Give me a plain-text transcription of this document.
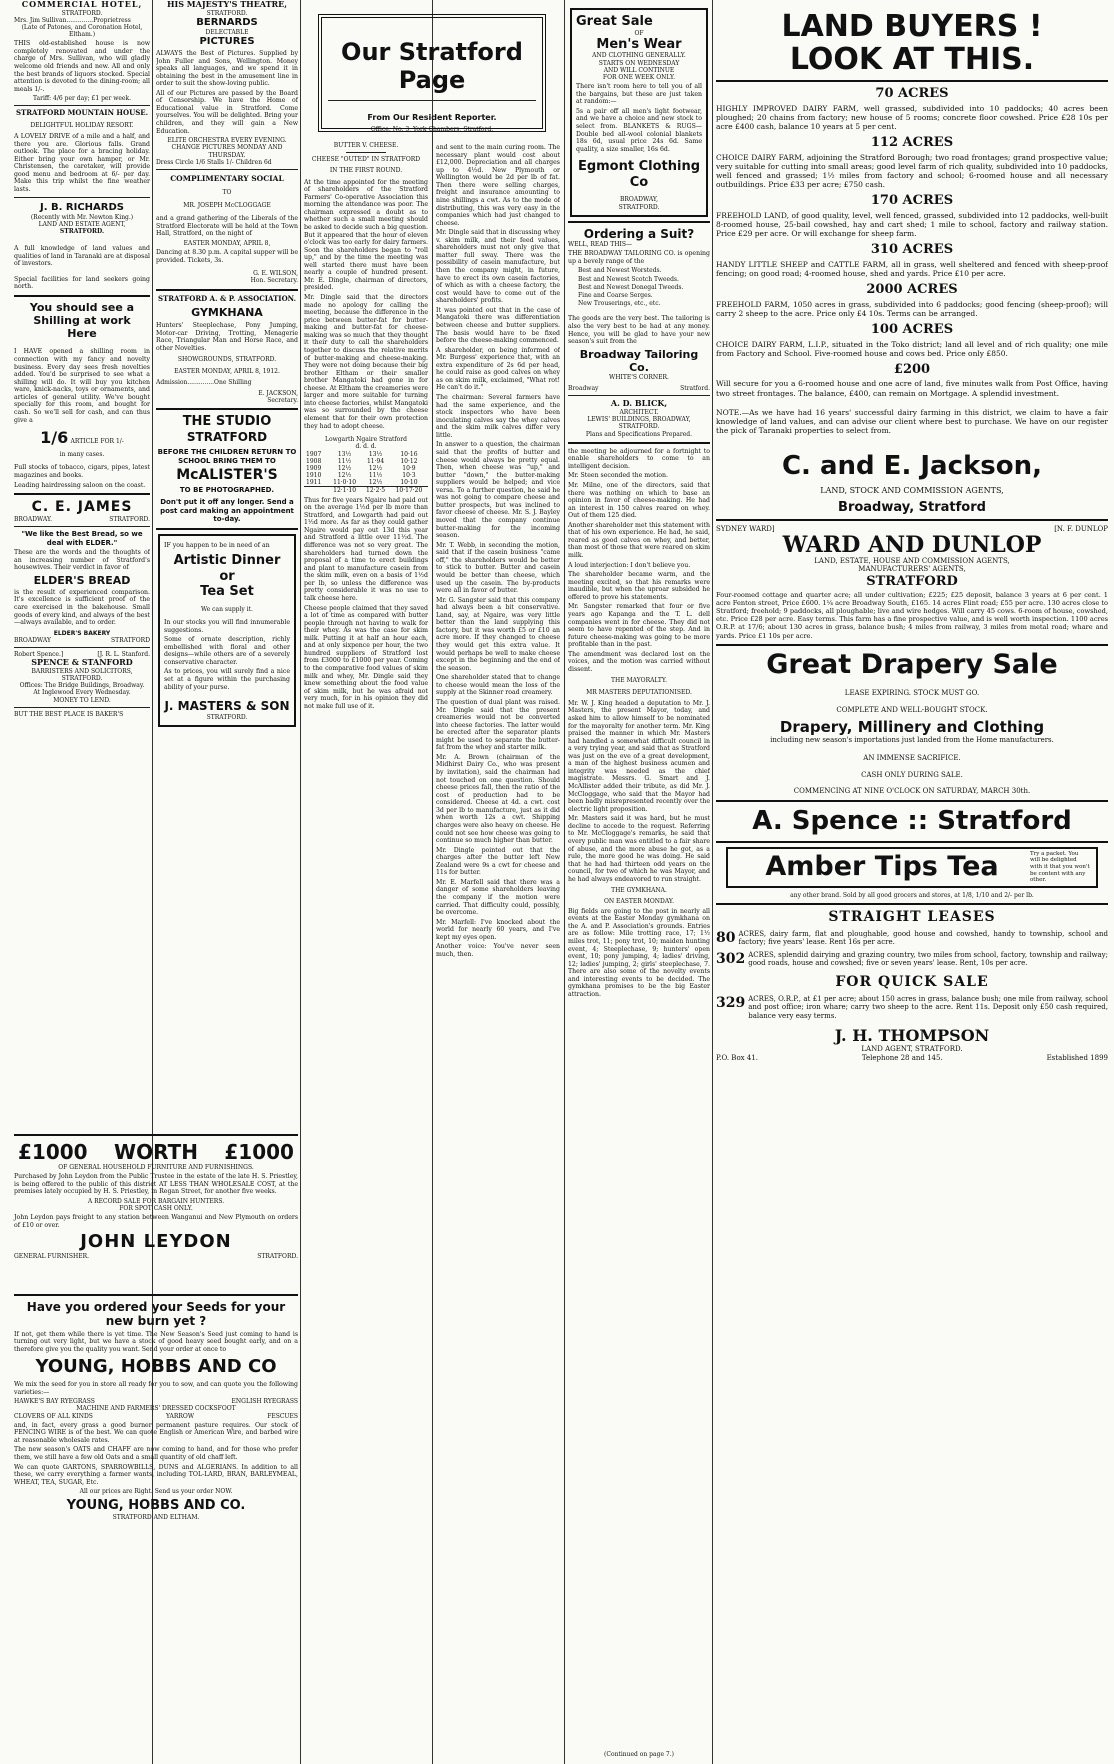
COMMERCIAL HOTEL,
STRATFORD.
Mrs. Jim Sullivan..............Proprietress
(Late of Patones, and Coronation Hotel, Eltham.)

THIS old-established house is now completely renovated and under the charge of Mrs. Sullivan, who will gladly welcome old friends and new. All and only the best brands of liquors stocked. Special attention is devoted to the dining-room; all meals 1/-.

Tariff: 4/6 per day; £1 per week.
STRATFORD MOUNTAIN HOUSE.
DELIGHTFUL HOLIDAY RESORT.

A LOVELY DRIVE of a mile and a half, and there you are. Glorious falls. Grand outlook. The place for a bracing holiday. Either bring your own hamper, or Mr. Christensen, the caretaker, will provide good menu and bedroom at 6/- per day. Make this trip whilst the fine weather lasts.

J. B. RICHARDS
(Recently with Mr. Newton King.)
LAND AND ESTATE AGENT,
STRATFORD.

A full knowledge of land values and qualities of land in Taranaki are at disposal of investors.

Special facilities for land seekers going north.

You should see a
Shilling at work
Here

I HAVE opened a shilling room in connection with my fancy and novelty business. Every day sees fresh novelties added. You'd be surprised to see what a shilling will do. It will buy you kitchen ware, knick-nacks, toys or ornaments, and articles of general utility. We've bought specially for this room, and bought for cash. So we'll sell for cash, and can thus give a

1/6 ARTICLE FOR 1/-
in many cases.

Full stocks of tobacco, cigars, pipes, latest magazines and books.

Leading hairdressing saloon on the coast.

C. E. JAMES
BROADWAY.	STRATFORD.
"We like the Best Bread, so we deal with ELDER."

These are the words and the thoughts of an increasing number of Stratford's housewives. Their verdict in favor of

ELDER'S BREAD

is the result of experienced comparison. It's excellence is sufficient proof of the care exercised in the bakehouse. Small goods of every kind, and always of the best—always available, and to order.

ELDER'S BAKERY
BROADWAY	STRATFORD
Robert Spence.]	[J. R. L. Stanford.
SPENCE & STANFORD
BARRISTERS AND SOLICITORS,
STRATFORD.
Offices: The Bridge Buildings, Broadway.
At Inglewood Every Wednesday.
MONEY TO LEND.
BUT THE BEST PLACE IS BAKER'S
HIS MAJESTY'S THEATRE,
STRATFORD.
BERNARDS
DELECTABLE
PICTURES

ALWAYS the Best of Pictures. Supplied by John Fuller and Sons, Wellington. Money speaks all languages, and we spend it in obtaining the best in the amusement line in order to suit the show-loving public.

All of our Pictures are passed by the Board of Censorship. We have the Home of Educational value in Stratford. Come yourselves. You will be delighted. Bring your children, and they will gain a New Education.

ELITE ORCHESTRA EVERY EVENING.
CHANGE PICTURES MONDAY AND THURSDAY.
Dress Circle 1/6 Stalls 1/- Children 6d
COMPLIMENTARY SOCIAL
TO
MR. JOSEPH McCLOGGAGE

and a grand gathering of the Liberals of the Stratford Electorate will be held at the Town Hall, Stratford, on the night of

EASTER MONDAY, APRIL 8,

Dancing at 8.30 p.m. A capital supper will be provided. Tickets, 3s.

G. E. WILSON,
Hon. Secretary.
STRATFORD A. & P. ASSOCIATION.
GYMKHANA

Hunters' Steeplechase, Pony Jumping, Motor-car Driving, Trotting, Menagerie Race, Triangular Man and Horse Race, and other Novelties.

SHOWGROUNDS, STRATFORD.
EASTER MONDAY, APRIL 8, 1912.
Admission..............One Shilling
E. JACKSON,
Secretary.
THE STUDIO
STRATFORD
BEFORE THE CHILDREN RETURN TO SCHOOL BRING THEM TO
McALISTER'S
TO BE PHOTOGRAPHED.
Don't put it off any longer. Send a post card making an appointment to-day.

IF you happen to be in need of an

Artistic Dinner or
Tea Set
We can supply it.

In our stocks you will find innumerable suggestions.

Some of ornate description, richly embellished with floral and other designs—while others are of a severely conservative character.

As to prices, you will surely find a nice set at a figure within the purchasing ability of your purse.

J. MASTERS & SON
STRATFORD.
£1000 WORTH £1000
OF GENERAL HOUSEHOLD FURNITURE AND FURNISHINGS.

Purchased by John Leydon from the Public Trustee in the estate of the late H. S. Priestley, is being offered to the public of this district AT LESS THAN WHOLESALE COST, at the premises lately occupied by H. S. Priestley, in Regan Street, for another five weeks.

A RECORD SALE FOR BARGAIN HUNTERS.
FOR SPOT CASH ONLY.

John Leydon pays freight to any station between Wanganui and New Plymouth on orders of £10 or over.

JOHN LEYDON
GENERAL FURNISHER.	STRATFORD.
Have you ordered your Seeds for your
new burn yet ?

If not, get them while there is yet time. The New Season's Seed just coming to hand is turning out very light, but we have a stock of good heavy seed bought early, and on a therefore give you the quality you want. Send your order at once to

YOUNG, HOBBS AND CO

We mix the seed for you in store all ready for you to sow, and can quote you the following varieties:—

HAWKE'S BAY RYEGRASS	ENGLISH RYEGRASS
MACHINE AND FARMERS' DRESSED COCKSFOOT
CLOVERS OF ALL KINDS	YARROW	FESCUES

and, in fact, every grass a good burner permanent pasture requires. Our stock of FENCING WIRE is of the best. We can quote English or American Wire, and barbed wire at reasonable wholesale rates.

The new season's OATS and CHAFF are now coming to hand, and for those who prefer them, we still have a few old Oats and a small quantity of old chaff left.

We can quote GARTONS, SPARROWBILLS, DUNS and ALGERIANS. In addition to all these, we carry everything a farmer wants, including TOL-LARD, BRAN, BARLEYMEAL, WHEAT, TEA, SUGAR, Etc.

All our prices are Right. Send us your order NOW.
YOUNG, HOBBS AND CO.
STRATFORD AND ELTHAM.
Our Stratford Page
From Our Resident Reporter.
Office: No. 3, York Chambers, Stratford.
BUTTER V. CHEESE.
CHEESE "OUTED" IN STRATFORD
IN THE FIRST ROUND.

At the time appointed for the meeting of shareholders of the Stratford Farmers' Co-operative Association this morning the attendance was poor. The chairman expressed a doubt as to whether such a small meeting should be asked to decide such a big question. But it appeared that the hour of eleven o'clock was too early for dairy farmers. Soon the shareholders began to "roll up," and by the time the meeting was well started there must have been nearly a couple of hundred present. Mr. E. Dingle, chairman of directors, presided.

Mr. Dingle said that the directors made no apology for calling the meeting, because the difference in the price between butter-fat for butter-making and butter-fat for cheese-making was so much that they thought it their duty to call the shareholders together to discuss the relative merits of butter-making and cheese-making. They were not doing because their big brother Eltham or their smaller brother Mangatoki had gone in for cheese. At Eltham the creameries were larger and more suitable for turning into cheese factories, whilst Mangatoki was so surrounded by the cheese element that for their own protection they had to adopt cheese.

Lowgarth Ngaire Stratford
d. d. d.
1907	13½	13½	10·16
1908	11½	11·94	10·12
1909	12½	12½	10·9
1910	12½	11½	10·3
1911	11·0·10	12½	10·10
	12·1·10	12·2·5	10·17·20

Thus for five years Ngaire had paid out on the average 1½d per lb more than Stratford, and Lowgarth had paid out 1½d more. As far as they could gather Ngaire would pay out 13d this year and Stratford a little over 11½d. The difference was not so very great. The shareholders had turned down the proposal of a time to erect buildings and plant to manufacture casein from the skim milk, even on a basis of 1½d per lb, so unless the difference was pretty considerable it was no use to talk cheese here.

Cheese people claimed that they saved a lot of time as compared with butter people through not having to walk for their whey. As was the case for skim milk. Putting it at half an hour each, and at only sixpence per hour, the two hundred suppliers of Stratford lost from £3000 to £1000 per year. Coming to the comparative food values of skim milk and whey, Mr. Dingle said they knew something about the food value of skim milk, but he was afraid not very much, for in his opinion they did not make full use of it.

and sent to the main curing room. The necessary plant would cost about £12,000. Depreciation and all charges up to 4½d. New Plymouth or Wellington would be 2d per lb of fat. Then there were selling charges, freight and insurance amounting to nine shillings a cwt. As to the mode of distributing, this was very easy in the companies which had just changed to cheese.

Mr. Dingle said that in discussing whey v. skim milk, and their feed values, shareholders must not only give that matter full sway. There was the possibility of casein manufacture, but then the company might, in future, have to erect its own casein factories, of which as with a cheese factory, the cost would have to come out of the shareholders' profits.

It was pointed out that in the case of Mangatoki there was differentiation between cheese and butter suppliers. The basis would have to be fixed before the cheese-making commenced.

A shareholder, on being informed of Mr. Burgess' experience that, with an extra expenditure of 2s 6d per head, he could raise as good calves on whey as on skim milk, exclaimed, "What rot! He can't do it."

The chairman: Several farmers have had the same experience, and the stock inspectors who have been inoculating calves say the whey calves and the skim milk calves differ very little.

In answer to a question, the chairman said that the profits of butter and cheese would always be pretty equal. Then, when cheese was "up," and butter "down," the butter-making suppliers would be helped; and vice versa. To a further question, he said he was not going to compare cheese and butter prospects, but was inclined to favor cheese of cheese. Mr. S. J. Bayley moved that the company continue butter-making for the incoming season.

Mr. T. Webb, in seconding the motion, said that if the casein business "came off," the shareholders would be better to stick to butter. Butter and casein would be better than cheese, which used up the casein. The by-products were all in favor of butter.

Mr. G. Sangster said that this company had always been a bit conservative. Land, say, at Ngaire, was very little better than the land supplying this factory, but it was worth £5 or £10 an acre more. If they changed to cheese they would get this extra value. It would perhaps be well to make cheese except in the beginning and the end of the season.

One shareholder stated that to change to cheese would mean the loss of the supply at the Skinner road creamery.

The question of dual plant was raised. Mr. Dingle said that the present creameries would not be converted into cheese factories. The latter would be erected after the separator plants might be used to separate the butter-fat from the whey and starter milk.

Mr. A. Brown (chairman of the Midhirst Dairy Co., who was present by invitation), said the chairman had not touched on one question. Should cheese prices fall, then the ratio of the cost of production had to be considered. Cheese at 4d. a cwt. cost 3d per lb to manufacture, just as it did when worth 12s a cwt. Shipping charges were also heavy on cheese. He could not see how cheese was going to continue so much higher than butter.

Mr. Dingle pointed out that the charges after the butter left New Zealand were 9s a cwt for cheese and 11s for butter.

Mr. E. Marfell said that there was a danger of some shareholders leaving the company if the motion were carried. That difficulty could, possibly, be overcome.

Mr. Marfell: I've knocked about the world for nearly 60 years, and I've kept my eyes open.

Another voice: You've never seen much, then.

Great Sale
OF
Men's Wear
AND CLOTHING GENERALLY.
STARTS ON WEDNESDAY
AND WILL CONTINUE
FOR ONE WEEK ONLY.

There isn't room here to tell you of all the bargains, but these are just taken at random:—

5s a pair off all men's light footwear, and we have a choice and new stock to select from. BLANKETS & RUGS—Double bed all-wool colonial blankets 18s 6d, usual price 24s 6d. Same quality, a size smaller, 16s 6d.

Egmont Clothing Co
BROADWAY,
STRATFORD.
Ordering a Suit?
WELL, READ THIS—

THE BROADWAY TAILORING CO. is opening up a bevely range of the

Best and Newest Worsteds.
Best and Newest Scotch Tweeds.
Best and Newest Donegal Tweeds.
Fine and Coarse Serges.
New Trouserings, etc., etc.

The goods are the very best. The tailoring is also the very best to be had at any money. Hence, you will be glad to have your new season's suit from the

Broadway Tailoring Co.
WHITE'S CORNER.
Broadway	Stratford.
A. D. BLICK,
ARCHITECT.
LEWIS' BUILDINGS, BROADWAY,
STRATFORD.
Plans and Specifications Prepared.

the meeting be adjourned for a fortnight to enable shareholders to come to an intelligent decision.

Mr. Steen seconded the motion.

Mr. Milne, one of the directors, said that there was nothing on which to base an opinion in favor of cheese-making. He had an interest in 150 calves reared on whey. Out of them 125 died.

Another shareholder met this statement with that of his own experience. He had, he said, reared as good calves on whey, and better, than most of those that were reared on skim milk.

A loud interjection: I don't believe you.

The shareholder became warm, and the meeting excited, so that his remarks were inaudible, but when the uproar subsided he offered to prove his statements.

Mr. Sangster remarked that four or five years ago Kapanga and the T. L. dell companies went in for cheese. They did not seem to have repented of the step. And in future cheese-making was going to be more profitable than in the past.

The amendment was declared lost on the voices, and the motion was carried without dissent.

THE MAYORALTY.
MR MASTERS DEPUTATIONISED.

Mr. W. J. King headed a deputation to Mr. J. Masters, the present Mayor, today, and asked him to allow himself to be nominated for the mayoralty for another term. Mr. King praised the manner in which Mr. Masters had handled a somewhat difficult council in a very trying year, and said that as Stratford was just on the eve of a great development, a man of the highest business acumen and integrity was needed as the chief magistrate. Messrs. G. Smart and J. McAllister added their tribute, as did Mr. J. McCloggage, who said that the Mayor had been badly misrepresented recently over the electric light proposition.

Mr. Masters said it was hard, but he must decline to accede to the request. Referring to Mr. McCloggage's remarks, he said that every public man was entitled to a fair share of abuse, and the more abuse he got, as a rule, the more good he was doing. He said that he had had thirteen odd years on the council, for two of which he was Mayor, and he had always endeavored to run straight.

THE GYMKHANA.
ON EASTER MONDAY.

Big fields are going to the post in nearly all events at the Easter Monday gymkhana on the A. and P. Association's grounds. Entries are as follow: Mile trotting race, 17; 1½ miles trot, 11; pony trot, 10; maiden hunting event, 4; Steeplechase, 9; hunters' open event, 10; pony jumping, 4; ladies' driving, 12; ladies' jumping, 2; girls' steeplechase, 7. There are also some of the novelty events and interesting events to be decided. The gymkhana promises to be the big Easter attraction.

(Continued on page 7.)
LAND BUYERS !
LOOK AT THIS.
70 ACRES

HIGHLY IMPROVED DAIRY FARM, well grassed, subdivided into 10 paddocks; 40 acres been ploughed; 20 chains from factory; new house of 5 rooms; concrete floor cowshed. Price £28 10s per acre £400 cash, balance 10 years at 5 per cent.

112 ACRES

CHOICE DAIRY FARM, adjoining the Stratford Borough; two road frontages; grand prospective value; very suitable for cutting into small areas; good level farm of rich quality, subdivided into 10 paddocks, well fenced and grassed; 1½ miles from factory and school; 6-roomed house and all necessary outbuildings. Price £33 per acre; £750 cash.

170 ACRES

FREEHOLD LAND, of good quality, level, well fenced, grassed, subdivided into 12 paddocks, well-built 8-roomed house, 25-bail cowshed, hay and cart shed; 1 mile to school, factory and railway station. Price £29 per acre. Or will exchange for sheep farm.

310 ACRES

HANDY LITTLE SHEEP and CATTLE FARM, all in grass, well sheltered and fenced with sheep-proof fencing; on good road; 4-roomed house, shed and yards. Price £10 per acre.

2000 ACRES

FREEHOLD FARM, 1050 acres in grass, subdivided into 6 paddocks; good fencing (sheep-proof); will carry 2 sheep to the acre. Price only £4 10s. Terms can be arranged.

100 ACRES

CHOICE DAIRY FARM, L.I.P., situated in the Toko district; land all level and of rich quality; one mile from Factory and School. Five-roomed house and cows bed. Price only £850.

£200

Will secure for you a 6-roomed house and one acre of land, five minutes walk from Post Office, having two street frontages. The balance, £400, can remain on Mortgage. A splendid investment.

NOTE.—As we have had 16 years' successful dairy farming in this district, we claim to have a fair knowledge of land values, and can advise our client where best to purchase. We have on our register the pick of Taranaki properties to select from.

C. and E. Jackson,
LAND, STOCK AND COMMISSION AGENTS,
Broadway, Stratford
SYDNEY WARD]	[N. F. DUNLOP
WARD AND DUNLOP
LAND, ESTATE, HOUSE AND COMMISSION AGENTS,
MANUFACTURERS' AGENTS,
STRATFORD

Four-roomed cottage and quarter acre; all under cultivation; £225; £25 deposit, balance 3 years at 6 per cent. 1 acre Fenton street, Price £600. 1¼ acre Broadway South, £165. 14 acres Flint road; £55 per acre. 130 acres close to Stratford; freehold; 9 paddocks, all ploughable; live and wire hedges. Will carry 45 cows. 6-room of house, cowshed, etc. Price £28 per acre. Easy terms. This farm has a fine prospective value, and is well worth inspection. 1100 acres O.R.P. at 17/6; about 130 acres in grass, balance bush; 4 miles from railway, 3 miles from metal road; whare and yards. Price £1 10s per acre.

Great Drapery Sale
LEASE EXPIRING. STOCK MUST GO.
COMPLETE AND WELL-BOUGHT STOCK.
Drapery, Millinery and Clothing
including new season's importations just landed from the Home manufacturers.
AN IMMENSE SACRIFICE.
CASH ONLY DURING SALE.
COMMENCING AT NINE O'CLOCK ON SATURDAY, MARCH 30th.
A. Spence :: Stratford
Amber Tips Tea	Try a packet. You will be delighted with it that you won't be content with any other.
any other brand. Sold by all good grocers and stores, at 1/8, 1/10 and 2/- per lb.
STRAIGHT LEASES
80 ACRES, dairy farm, flat and ploughable, good house and cowshed, handy to township, school and factory; five years' lease. Rent 16s per acre.
302 ACRES, splendid dairying and grazing country, two miles from school, factory, township and railway; good roads, house and cowshed; five or seven years' lease. Rent, 10s per acre.
FOR QUICK SALE
329 ACRES, O.R.P., at £1 per acre; about 150 acres in grass, balance bush; one mile from railway, school and post office; iron whare; carry two sheep to the acre. Rent 11s. Deposit only £50 cash required, balance very easy terms.
J. H. THOMPSON
LAND AGENT, STRATFORD.
P.O. Box 41.	Telephone 28 and 145.	Established 1899
